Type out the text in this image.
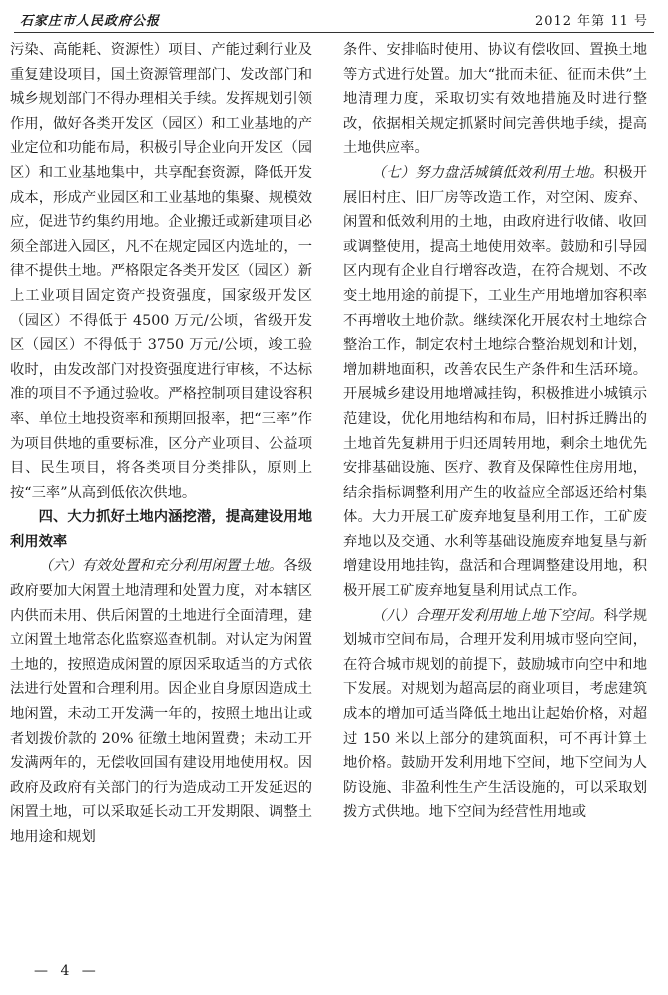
石家庄市人民政府公报	2012 年第 11 号

污染、高能耗、资源性）项目、产能过剩行业及重复建设项目，国土资源管理部门、发改部门和城乡规划部门不得办理相关手续。发挥规划引领作用，做好各类开发区（园区）和工业基地的产业定位和功能布局，积极引导企业向开发区（园区）和工业基地集中，共享配套资源，降低开发成本，形成产业园区和工业基地的集聚、规模效应，促进节约集约用地。企业搬迁或新建项目必须全部进入园区，凡不在规定园区内选址的，一律不提供土地。严格限定各类开发区（园区）新上工业项目固定资产投资强度，国家级开发区（园区）不得低于 4500 万元/公顷，省级开发区（园区）不得低于 3750 万元/公顷，竣工验收时，由发改部门对投资强度进行审核，不达标准的项目不予通过验收。严格控制项目建设容积率、单位土地投资率和预期回报率，把“三率”作为项目供地的重要标准，区分产业项目、公益项目、民生项目，将各类项目分类排队，原则上按“三率”从高到低依次供地。

四、大力抓好土地内涵挖潜，提高建设用地利用效率

（六）有效处置和充分利用闲置土地。各级政府要加大闲置土地清理和处置力度，对本辖区内供而未用、供后闲置的土地进行全面清理，建立闲置土地常态化监察巡查机制。对认定为闲置土地的，按照造成闲置的原因采取适当的方式依法进行处置和合理利用。因企业自身原因造成土地闲置，未动工开发满一年的，按照土地出让或者划拨价款的 20% 征缴土地闲置费；未动工开发满两年的，无偿收回国有建设用地使用权。因政府及政府有关部门的行为造成动工开发延迟的闲置土地，可以采取延长动工开发期限、调整土地用途和规划

条件、安排临时使用、协议有偿收回、置换土地等方式进行处置。加大“批而未征、征而未供”土地清理力度，采取切实有效地措施及时进行整改，依据相关规定抓紧时间完善供地手续，提高土地供应率。

（七）努力盘活城镇低效利用土地。积极开展旧村庄、旧厂房等改造工作，对空闲、废弃、闲置和低效利用的土地，由政府进行收储、收回或调整使用，提高土地使用效率。鼓励和引导园区内现有企业自行增容改造，在符合规划、不改变土地用途的前提下，工业生产用地增加容积率不再增收土地价款。继续深化开展农村土地综合整治工作，制定农村土地综合整治规划和计划，增加耕地面积，改善农民生产条件和生活环境。开展城乡建设用地增减挂钩，积极推进小城镇示范建设，优化用地结构和布局，旧村拆迁腾出的土地首先复耕用于归还周转用地，剩余土地优先安排基础设施、医疗、教育及保障性住房用地，结余指标调整利用产生的收益应全部返还给村集体。大力开展工矿废弃地复垦利用工作，工矿废弃地以及交通、水利等基础设施废弃地复垦与新增建设用地挂钩，盘活和合理调整建设用地，积极开展工矿废弃地复垦利用试点工作。

（八）合理开发利用地上地下空间。科学规划城市空间布局，合理开发利用城市竖向空间，在符合城市规划的前提下，鼓励城市向空中和地下发展。对规划为超高层的商业项目，考虑建筑成本的增加可适当降低土地出让起始价格，对超过 150 米以上部分的建筑面积，可不再计算土地价格。鼓励开发利用地下空间，地下空间为人防设施、非盈利性生产生活设施的，可以采取划拨方式供地。地下空间为经营性用地或

— 4 —
